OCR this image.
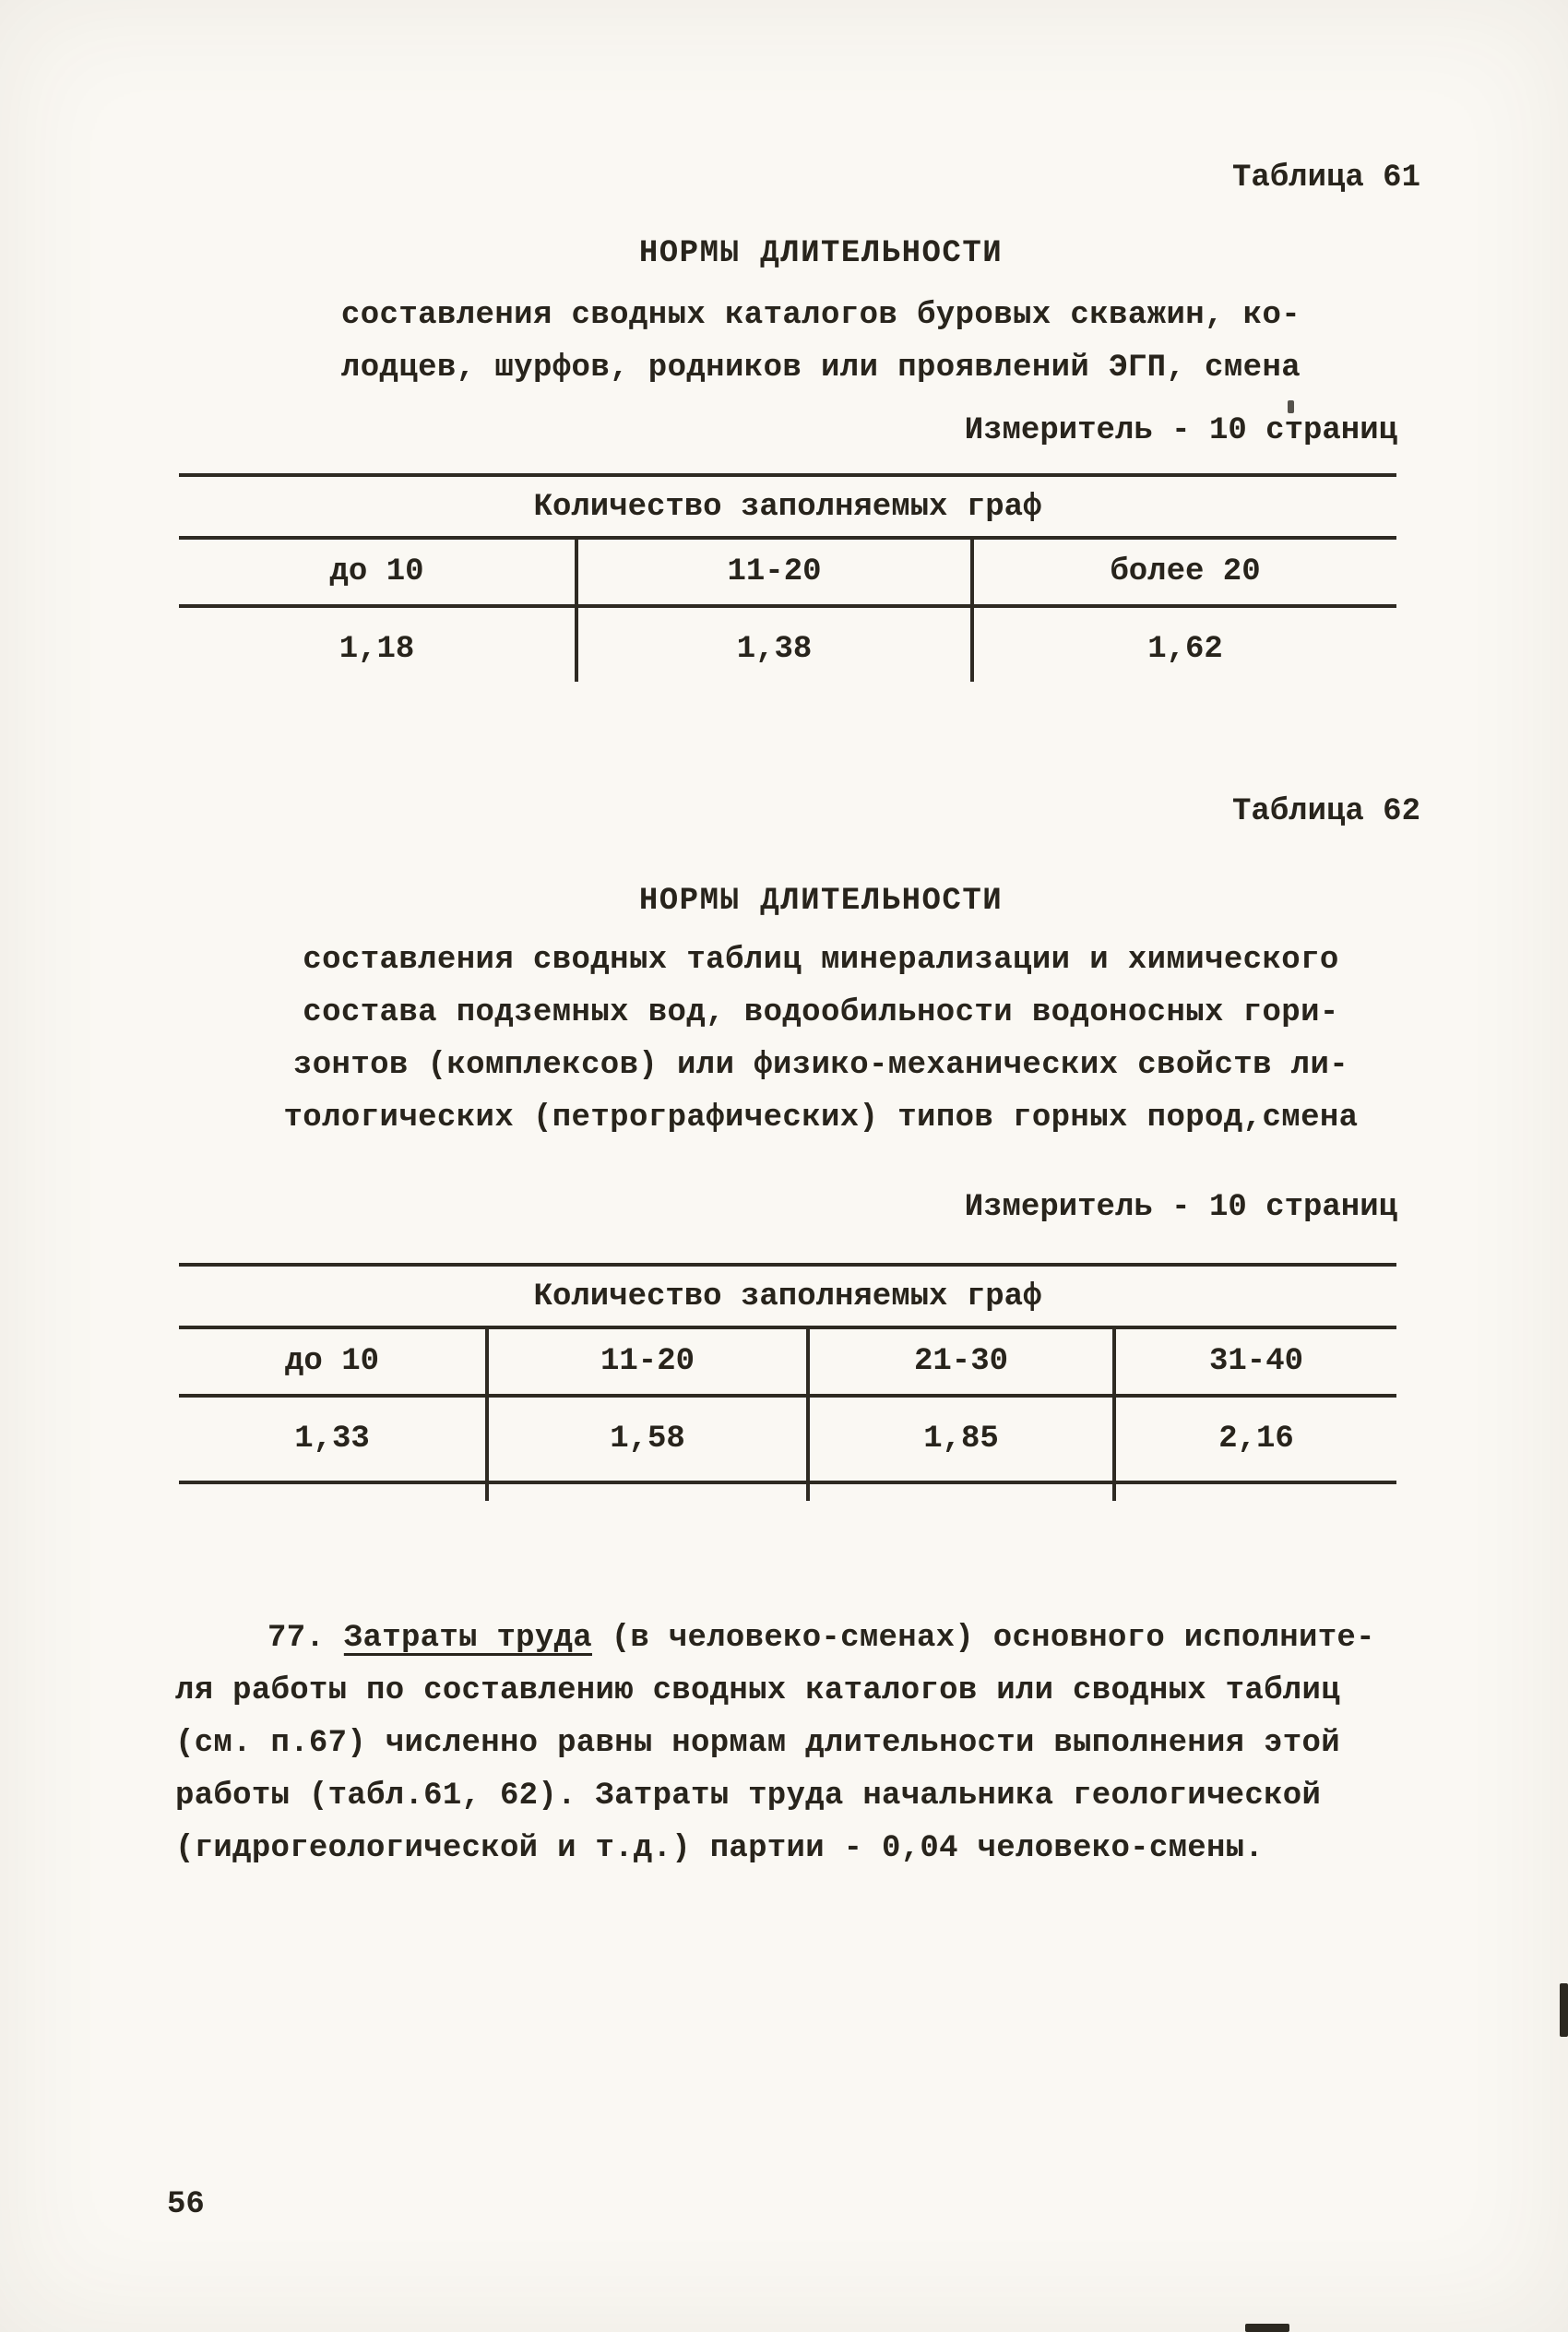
Таблица 61
НОРМЫ ДЛИТЕЛЬНОСТИ
составления сводных каталогов буровых скважин, ко-
лодцев, шурфов, родников или проявлений ЭГП, смена
Измеритель - 10 страниц
Количество заполняемых граф
до 10	11-20	более 20
1,18	1,38	1,62
Таблица 62
НОРМЫ ДЛИТЕЛЬНОСТИ
составления сводных таблиц минерализации и химического
состава подземных вод, водообильности водоносных гори-
зонтов (комплексов) или физико-механических свойств ли-
тологических (петрографических) типов горных пород,смена
Измеритель - 10 страниц
Количество заполняемых граф
до 10	11-20	21-30	31-40
1,33	1,58	1,85	2,16
77. Затраты труда (в человеко-сменах) основного исполните-
ля работы по составлению сводных каталогов или сводных таблиц
(см. п.67) численно равны нормам длительности выполнения этой
работы (табл.61, 62). Затраты труда начальника геологической
(гидрогеологической и т.д.) партии - 0,04 человеко-смены.
56
